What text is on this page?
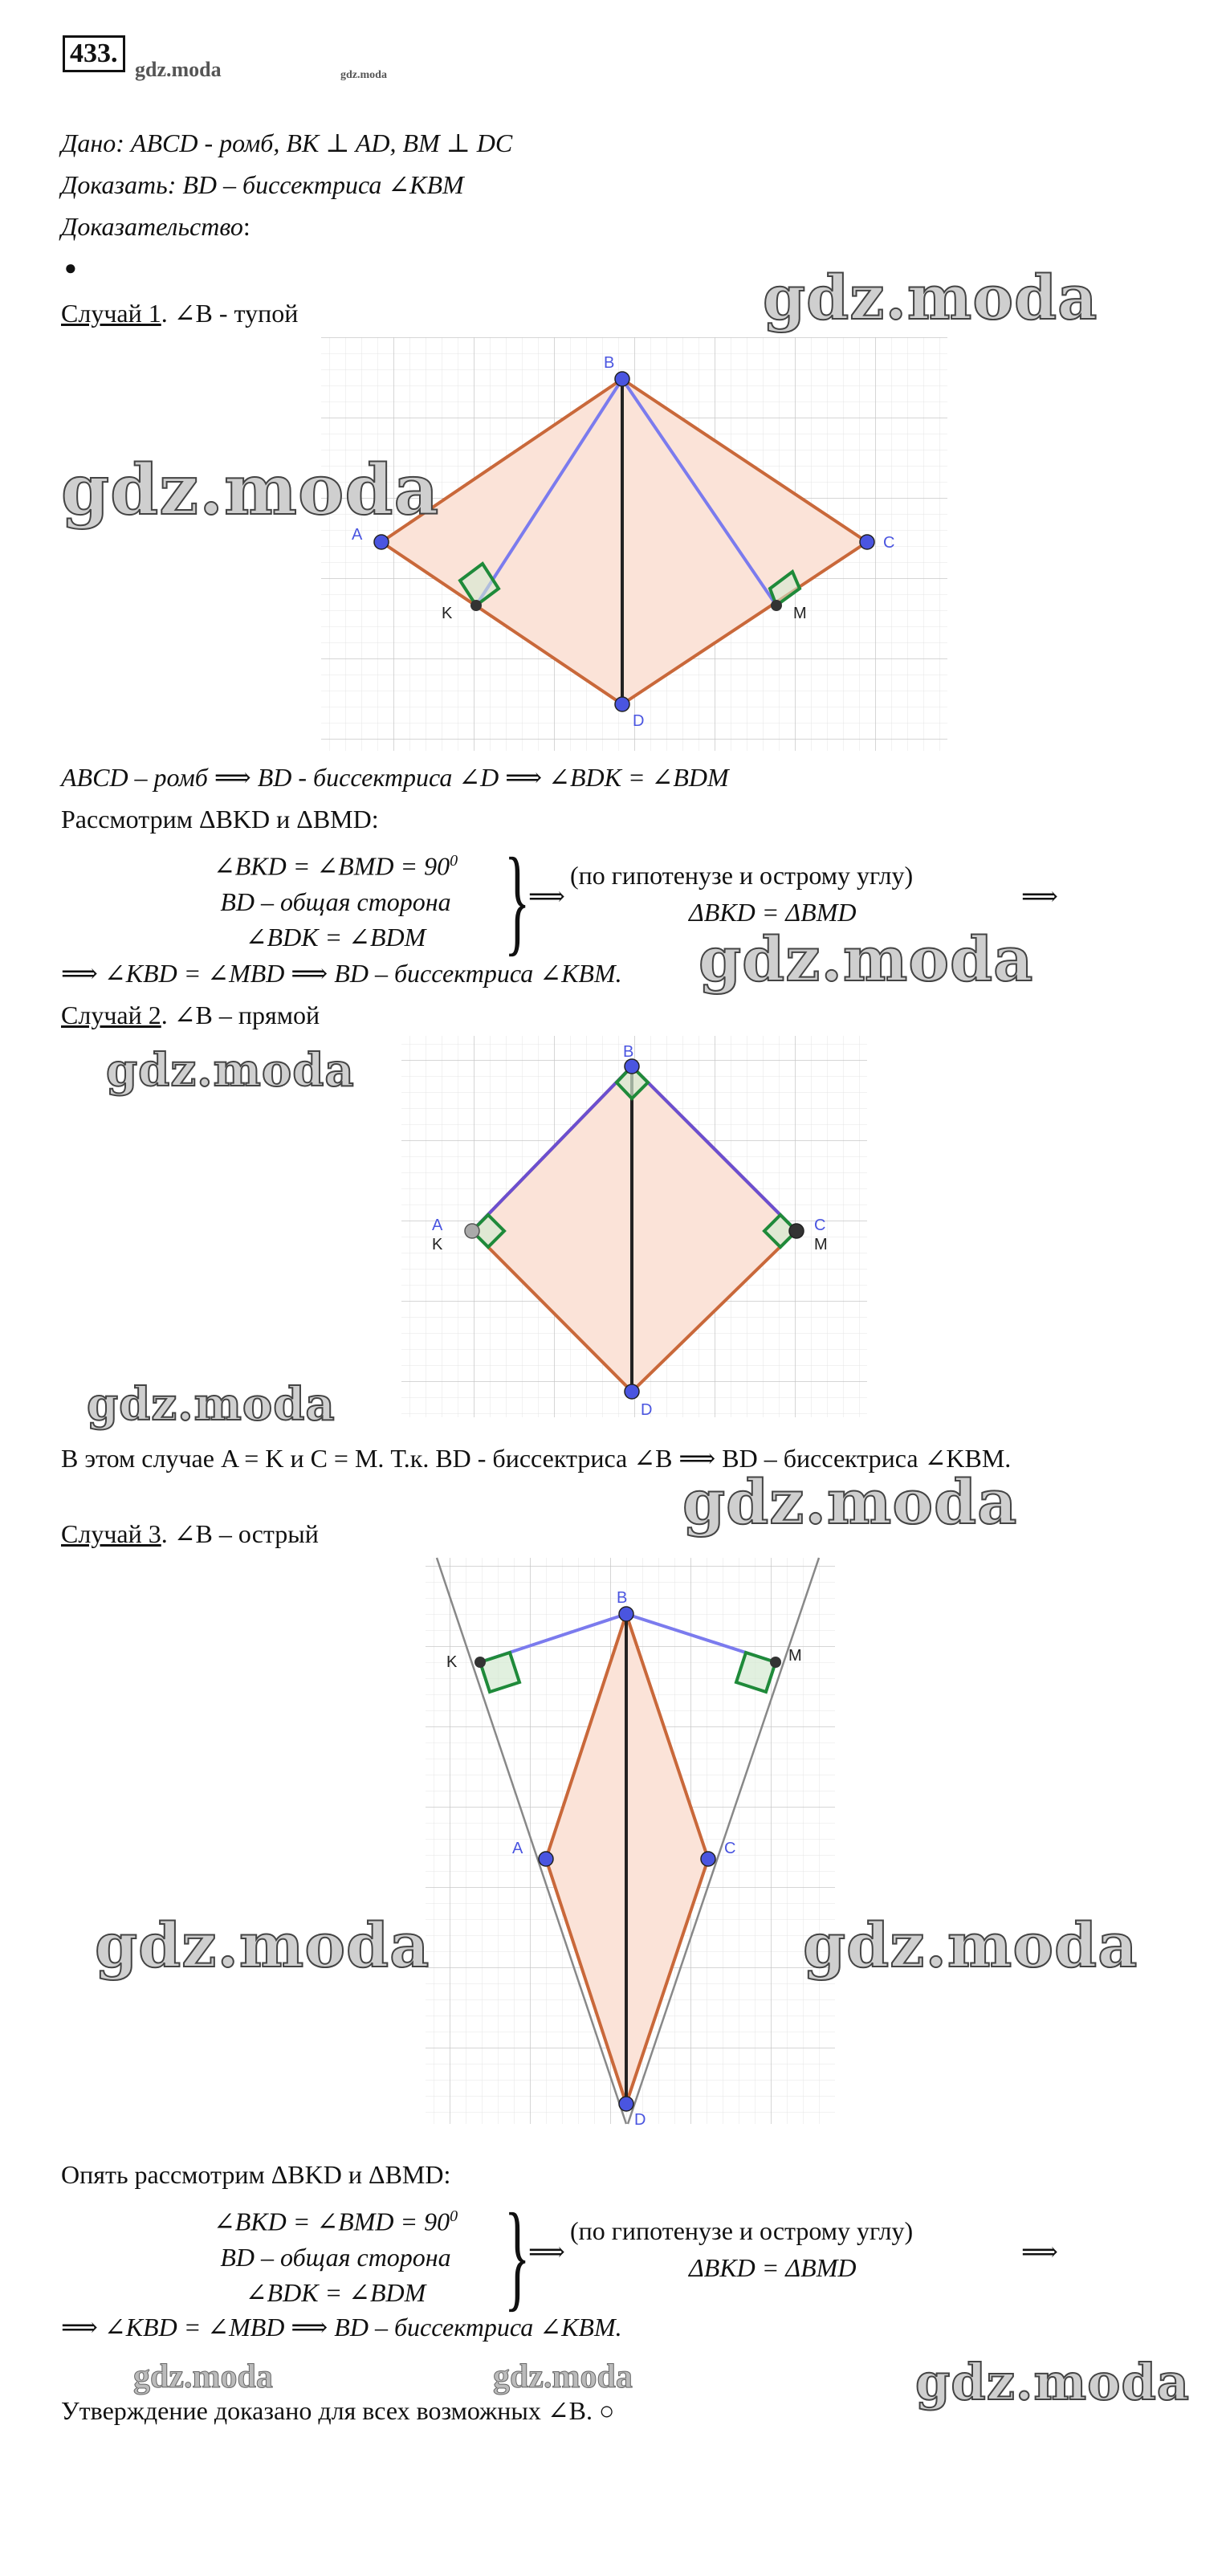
433.
gdz.moda	gdz.moda
Дано: ABCD - ромб, BK ⊥ AD, BM ⊥ DC
Доказать: BD – биссектриса ∠KBM
Доказательство:
●
Случай 1. ∠B - тупой	gdz.moda
A
B
C
D
K	M
gdz.moda
ABCD – ромб ⟹ BD - биссектриса ∠D ⟹ ∠BDK = ∠BDM
Рассмотрим ΔBKD и ΔBMD:
∠BKD = ∠BMD = $90^0$
BD – общая сторона
∠BDK = ∠BDM }
⟹
(по гипотенузе и острому углу)
ΔBKD = ΔBMD
⟹
⟹ ∠KBD = ∠MBD ⟹ BD – биссектриса ∠KBM. gdz.moda
Случай 2. ∠B – прямой
gdz.moda
A
K
B
C
M
D
gdz.moda
В этом случае A = K и C = M. Т.к. BD - биссектриса ∠B ⟹ BD – биссектриса ∠KBM.
gdz.moda
Случай 3. ∠B – острый
A
B
C
D
K	M
gdz.moda	gdz.moda
Опять рассмотрим ΔBKD и ΔBMD:
∠BKD = ∠BMD = $90^0$
BD – общая сторона
∠BDK = ∠BDM }
⟹
(по гипотенузе и острому углу)
ΔBKD = ΔBMD
⟹
⟹ ∠KBD = ∠MBD ⟹ BD – биссектриса ∠KBM.
gdz.moda	gdz.moda	gdz.moda
Утверждение доказано для всех возможных ∠B. ○
